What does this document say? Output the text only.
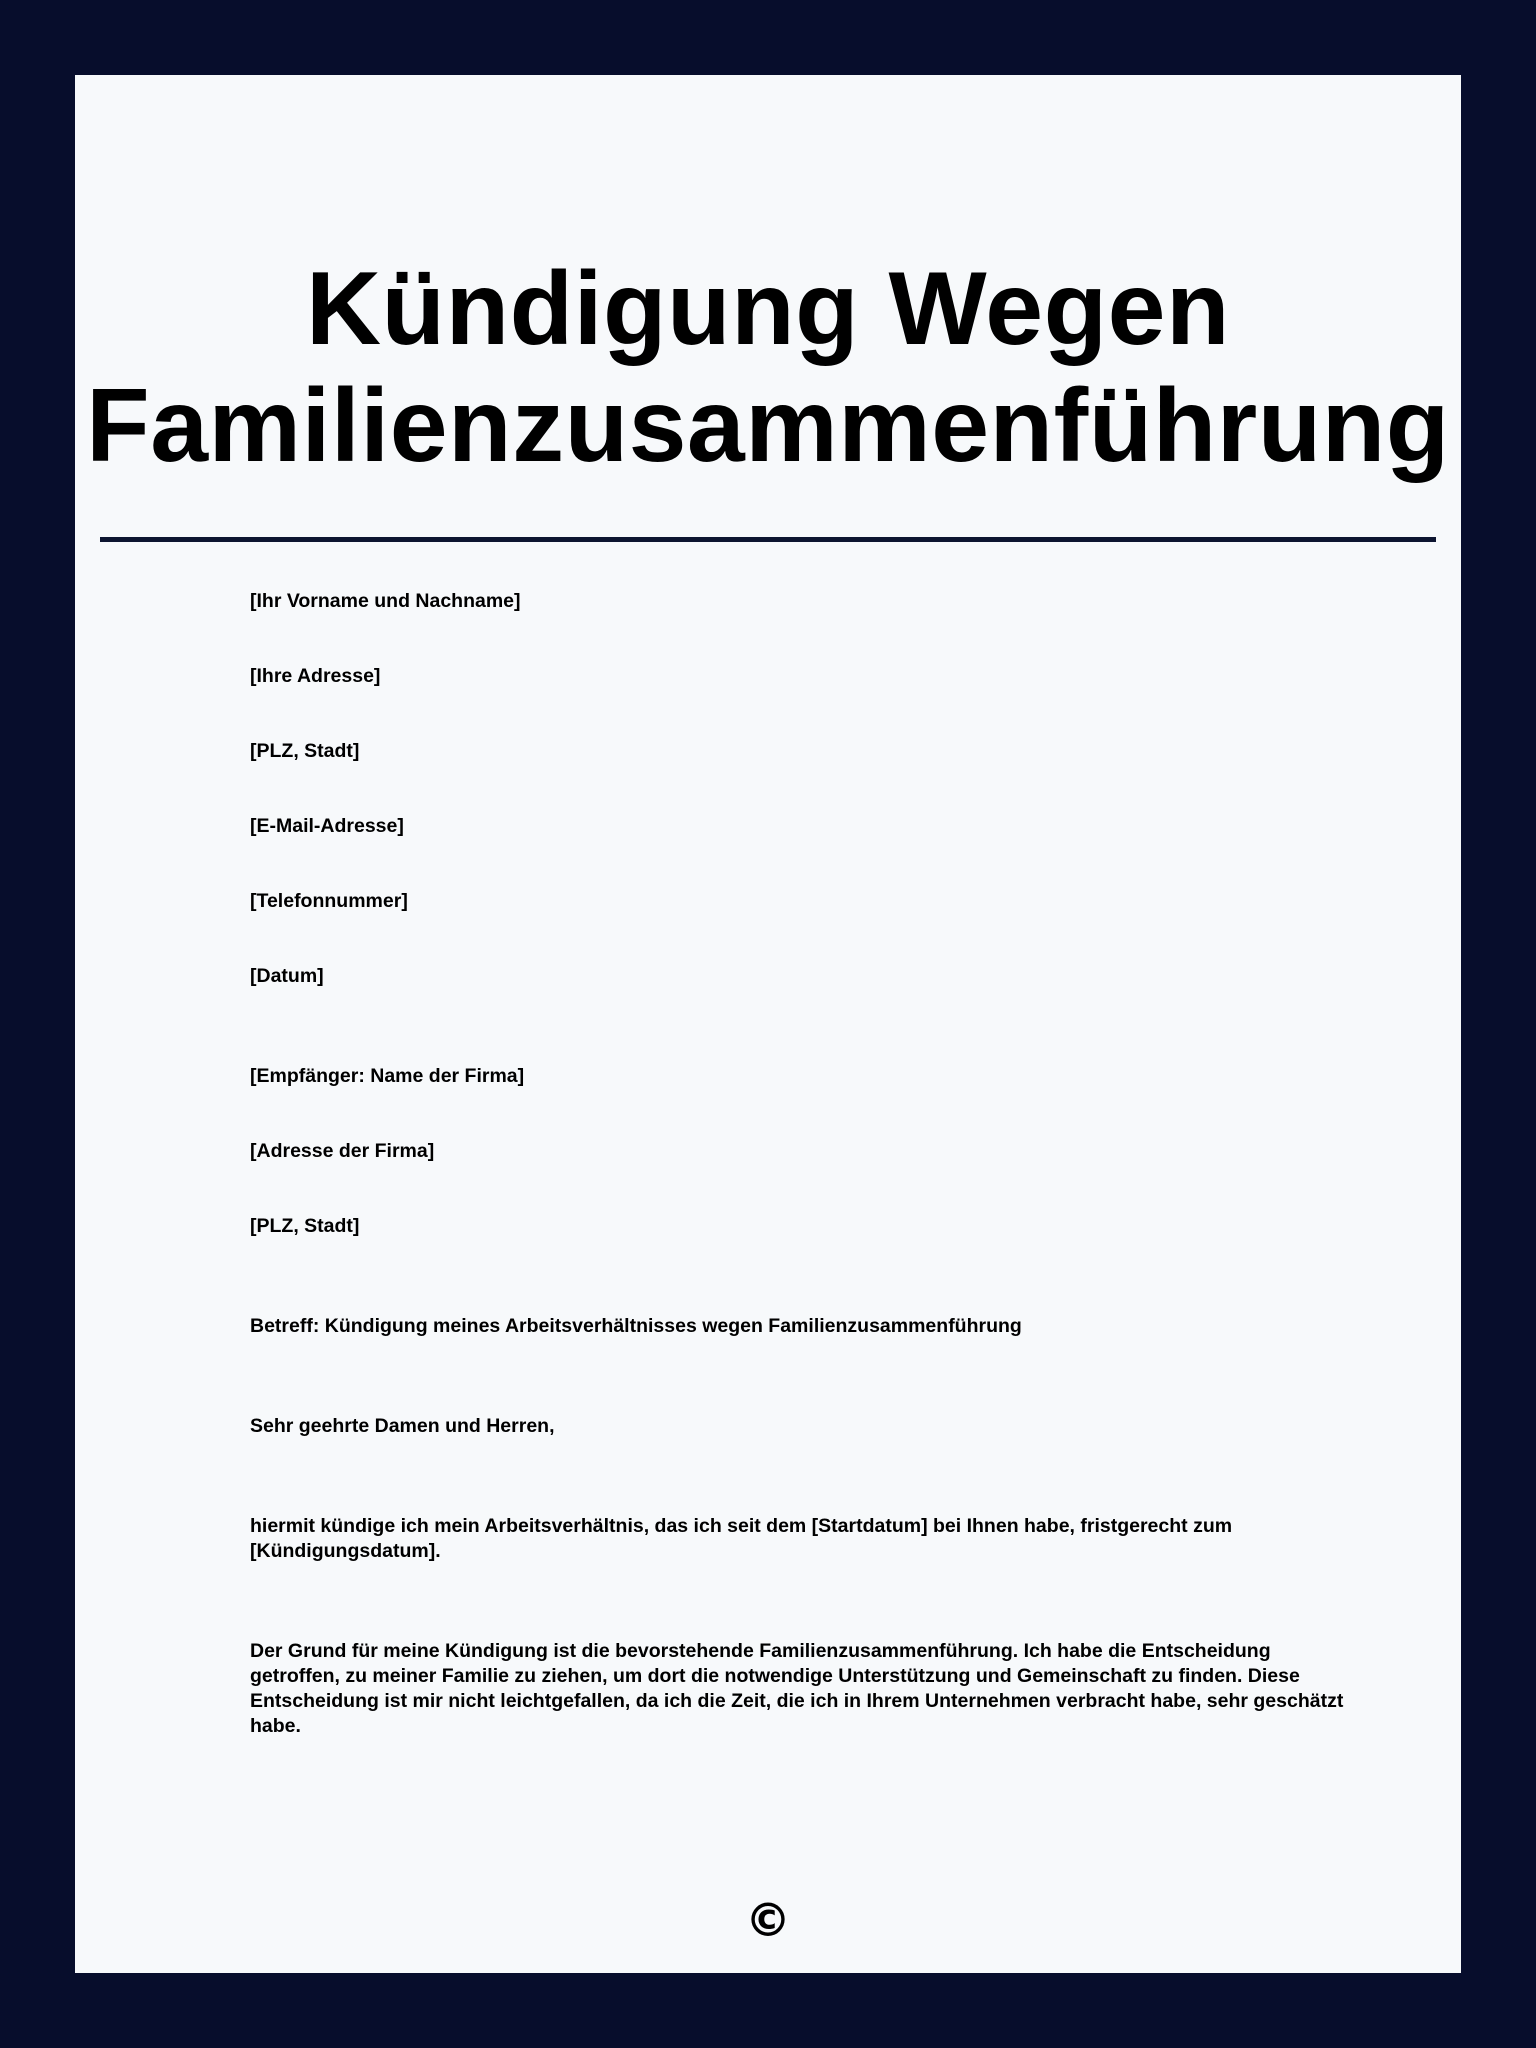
Kündigung Wegen
Familienzusammenführung

[Ihr Vorname und Nachname]

[Ihre Adresse]

[PLZ, Stadt]

[E-Mail-Adresse]

[Telefonnummer]

[Datum]

[Empfänger: Name der Firma]

[Adresse der Firma]

[PLZ, Stadt]

Betreff: Kündigung meines Arbeitsverhältnisses wegen Familienzusammenführung

Sehr geehrte Damen und Herren,

hiermit kündige ich mein Arbeitsverhältnis, das ich seit dem [Startdatum] bei Ihnen habe, fristgerecht zum [Kündigungsdatum].

Der Grund für meine Kündigung ist die bevorstehende Familienzusammenführung. Ich habe die Entscheidung getroffen, zu meiner Familie zu ziehen, um dort die notwendige Unterstützung und Gemeinschaft zu finden. Diese Entscheidung ist mir nicht leichtgefallen, da ich die Zeit, die ich in Ihrem Unternehmen verbracht habe, sehr geschätzt habe.

©
